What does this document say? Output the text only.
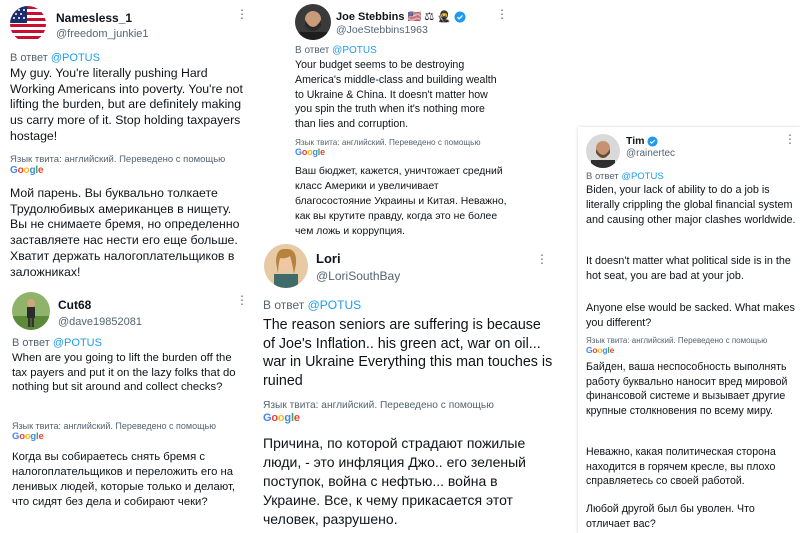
Namesless_1
@freedom_junkie1
⋮
В ответ @POTUS
My guy. You're literally pushing Hard Working Americans into poverty. You're not lifting the burden, but are definitely making us carry more of it. Stop holding taxpayers hostage!
Язык твита: английский. Переведено с помощью
Google
Мой парень. Вы буквально толкаете Трудолюбивых американцев в нищету. Вы не снимаете бремя, но определенно заставляете нас нести его еще больше. Хватит держать налогоплательщиков в заложниках!
Cut68
@dave19852081
⋮
В ответ @POTUS
When are you going to lift the burden off the tax payers and put it on the lazy folks that do nothing but sit around and collect checks?
Язык твита: английский. Переведено с помощью
Google
Когда вы собираетесь снять бремя с налогоплательщиков и переложить его на ленивых людей, которые только и делают, что сидят без дела и собирают чеки?
Joe Stebbins 🇺🇸 ⚖ 🥷
@JoeStebbins1963
⋮
В ответ @POTUS
Your budget seems to be destroying America's middle-class and building wealth to Ukraine & China. It doesn't matter how you spin the truth when it's nothing more than lies and corruption.
Язык твита: английский. Переведено с помощью
Google
Ваш бюджет, кажется, уничтожает средний класс Америки и увеличивает благосостояние Украины и Китая. Неважно, как вы крутите правду, когда это не более чем ложь и коррупция.
Lori
@LoriSouthBay
⋮
В ответ @POTUS
The reason seniors are suffering is because of Joe's Inflation.. his green act, war on oil... war in Ukraine Everything this man touches is ruined
Язык твита: английский. Переведено с помощью
Google
Причина, по которой страдают пожилые люди, - это инфляция Джо.. его зеленый поступок, война с нефтью... война в Украине. Все, к чему прикасается этот человек, разрушено.
Tim
@rainertec
⋮
В ответ @POTUS
Biden, your lack of ability to do a job is literally crippling the global financial system and causing other major clashes worldwide.
It doesn't matter what political side is in the hot seat, you are bad at your job.
Anyone else would be sacked. What makes you different?
Язык твита: английский. Переведено с помощью
Google
Байден, ваша неспособность выполнять работу буквально наносит вред мировой финансовой системе и вызывает другие крупные столкновения по всему миру.
Неважно, какая политическая сторона находится в горячем кресле, вы плохо справляетесь со своей работой.
Любой другой был бы уволен. Что отличает вас?
